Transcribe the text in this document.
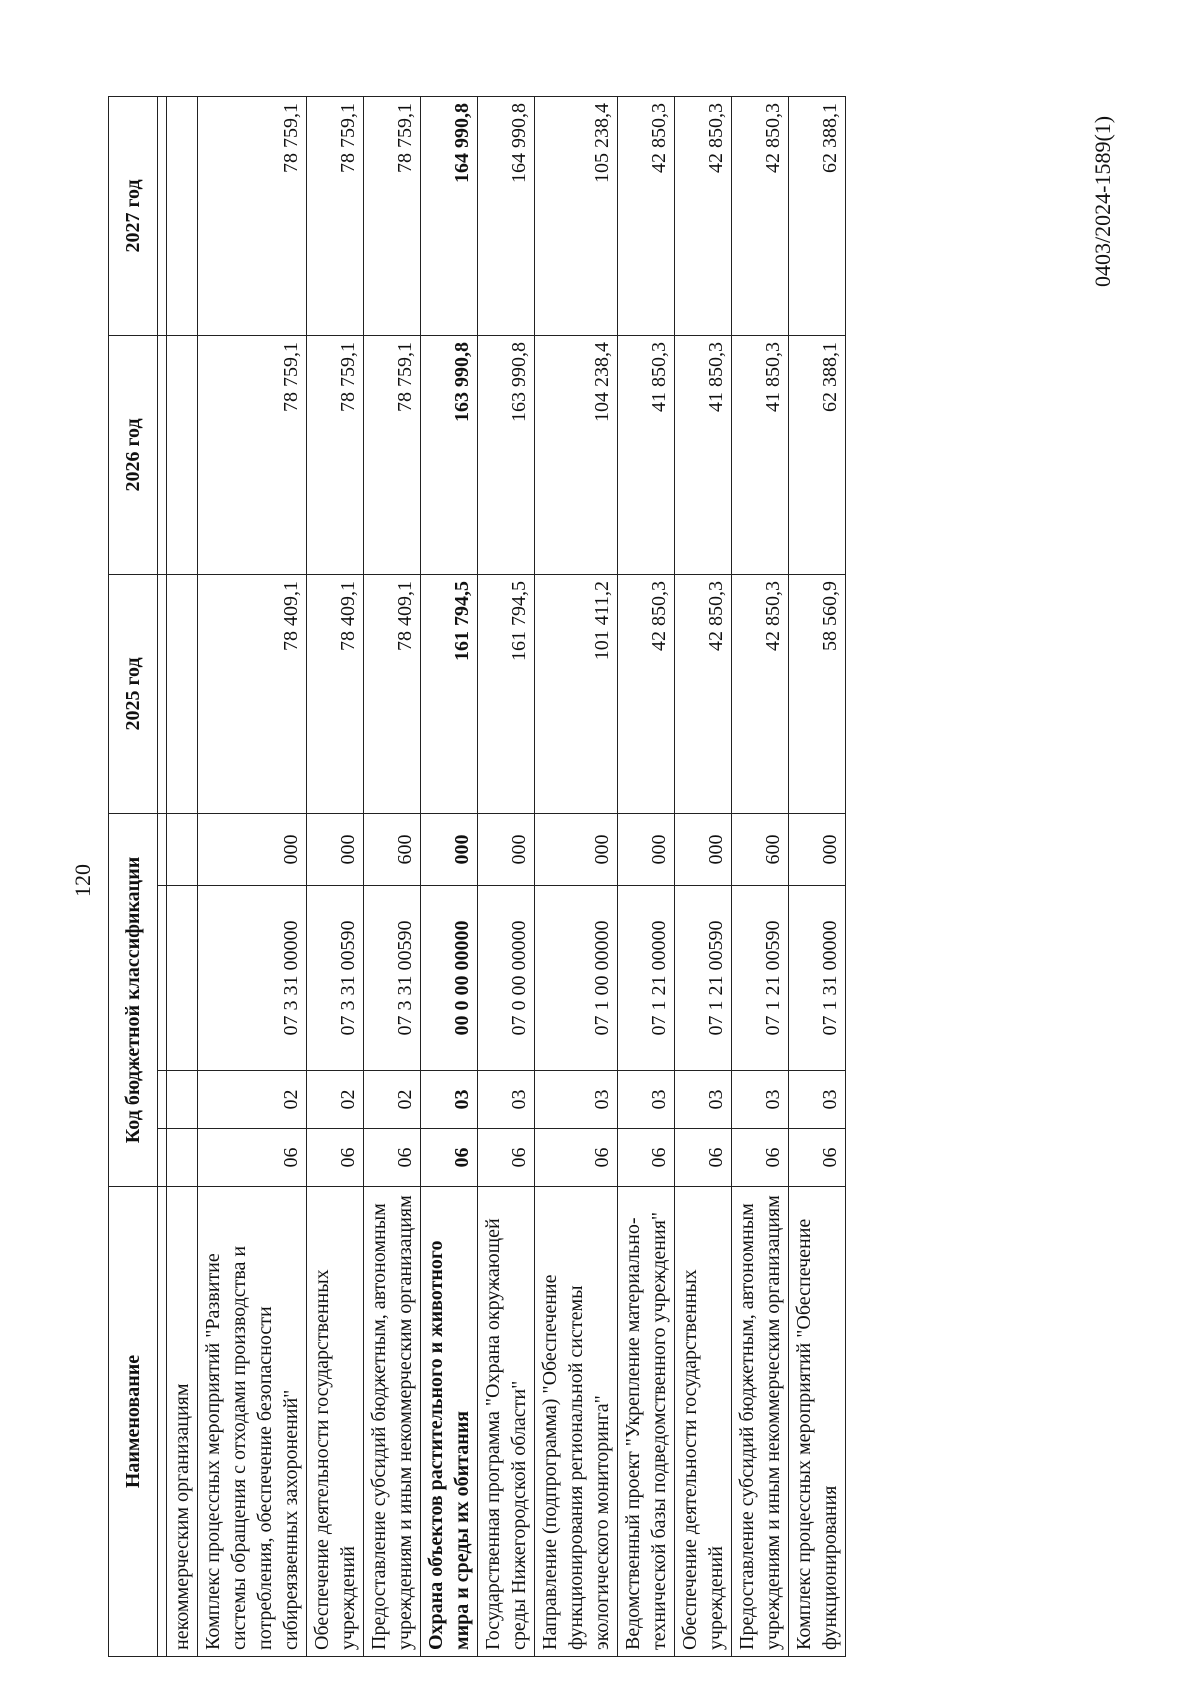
120
Наименование	Код бюджетной классификации				2025 год	2026 год	2027 год

некоммерческим организациям							
Комплекс процессных мероприятий "Развитие системы обращения с отходами производства и потребления, обеспечение безопасности сибиреязвенных захоронений"	06	02	07 3 31 00000	000	78 409,1	78 759,1	78 759,1
Обеспечение деятельности государственных учреждений	06	02	07 3 31 00590	000	78 409,1	78 759,1	78 759,1
Предоставление субсидий бюджетным, автономным учреждениям и иным некоммерческим организациям	06	02	07 3 31 00590	600	78 409,1	78 759,1	78 759,1
Охрана объектов растительного и животного мира и среды их обитания	06	03	00 0 00 00000	000	161 794,5	163 990,8	164 990,8
Государственная программа "Охрана окружающей среды Нижегородской области"	06	03	07 0 00 00000	000	161 794,5	163 990,8	164 990,8
Направление (подпрограмма) "Обеспечение функционирования региональной системы экологического мониторинга"	06	03	07 1 00 00000	000	101 411,2	104 238,4	105 238,4
Ведомственный проект "Укрепление материально-технической базы подведомственного учреждения"	06	03	07 1 21 00000	000	42 850,3	41 850,3	42 850,3
Обеспечение деятельности государственных учреждений	06	03	07 1 21 00590	000	42 850,3	41 850,3	42 850,3
Предоставление субсидий бюджетным, автономным учреждениям и иным некоммерческим организациям	06	03	07 1 21 00590	600	42 850,3	41 850,3	42 850,3
Комплекс процессных мероприятий "Обеспечение функционирования	06	03	07 1 31 00000	000	58 560,9	62 388,1	62 388,1	0403/2024-1589(1)
